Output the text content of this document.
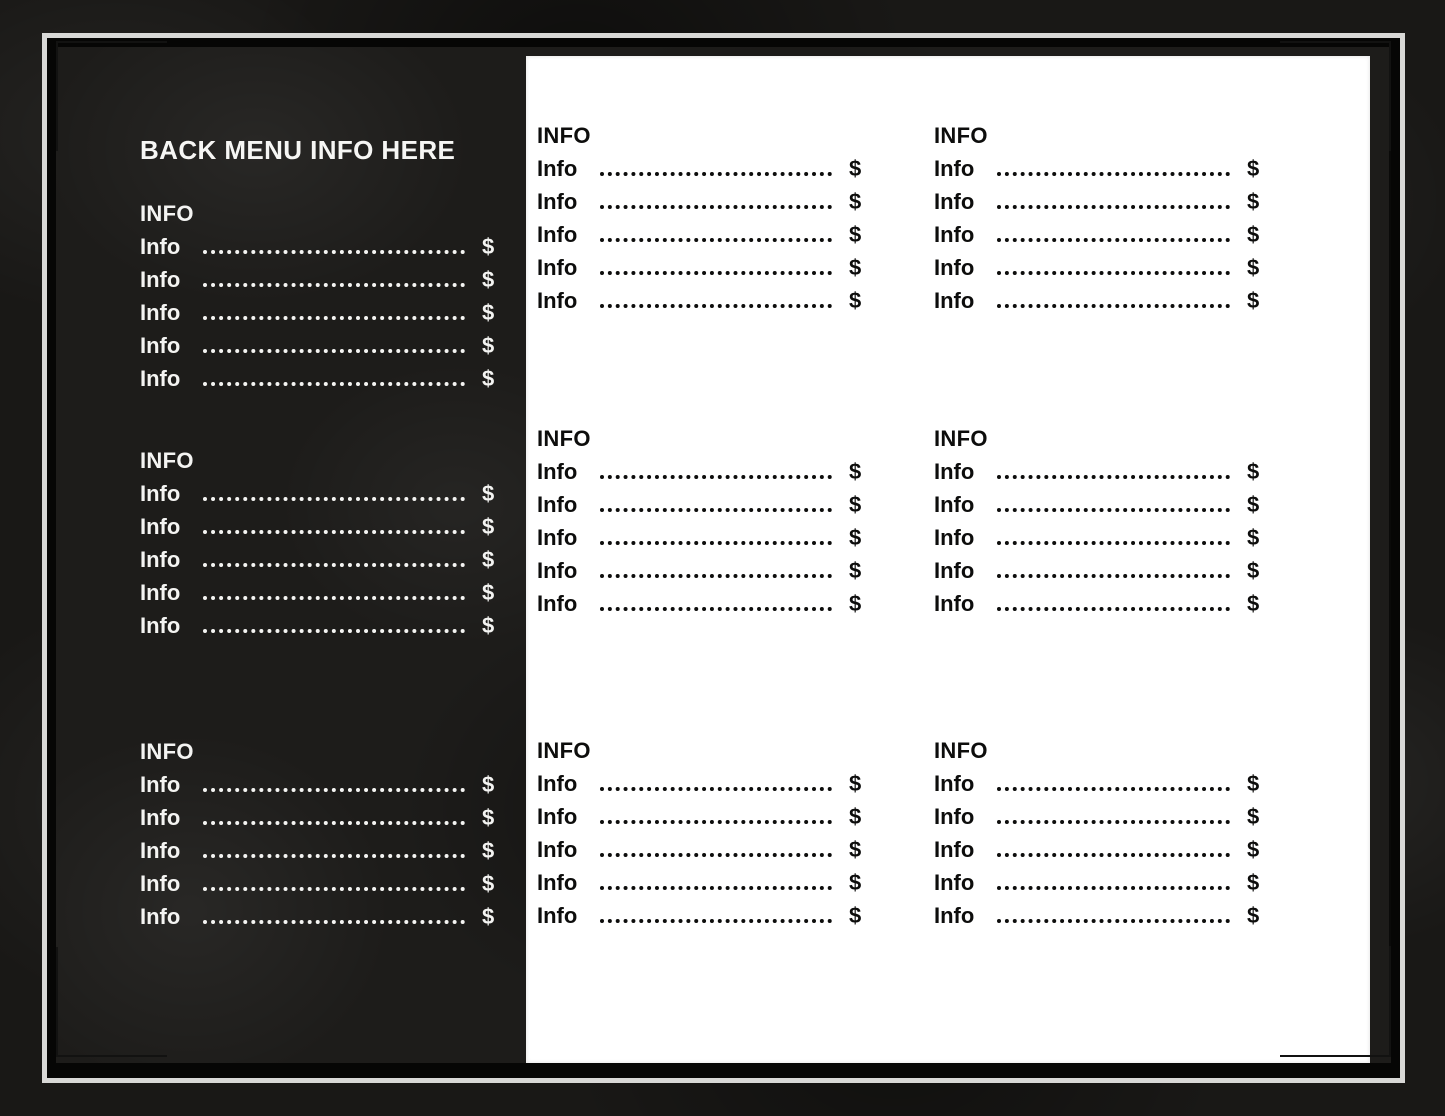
BACK MENU INFO HERE
INFO
Info	$
Info	$
Info	$
Info	$
Info	$
INFO
Info	$
Info	$
Info	$
Info	$
Info	$
INFO
Info	$
Info	$
Info	$
Info	$
Info	$
INFO
Info	$
Info	$
Info	$
Info	$
Info	$
INFO
Info	$
Info	$
Info	$
Info	$
Info	$
INFO
Info	$
Info	$
Info	$
Info	$
Info	$
INFO
Info	$
Info	$
Info	$
Info	$
Info	$
INFO
Info	$
Info	$
Info	$
Info	$
Info	$
INFO
Info	$
Info	$
Info	$
Info	$
Info	$
